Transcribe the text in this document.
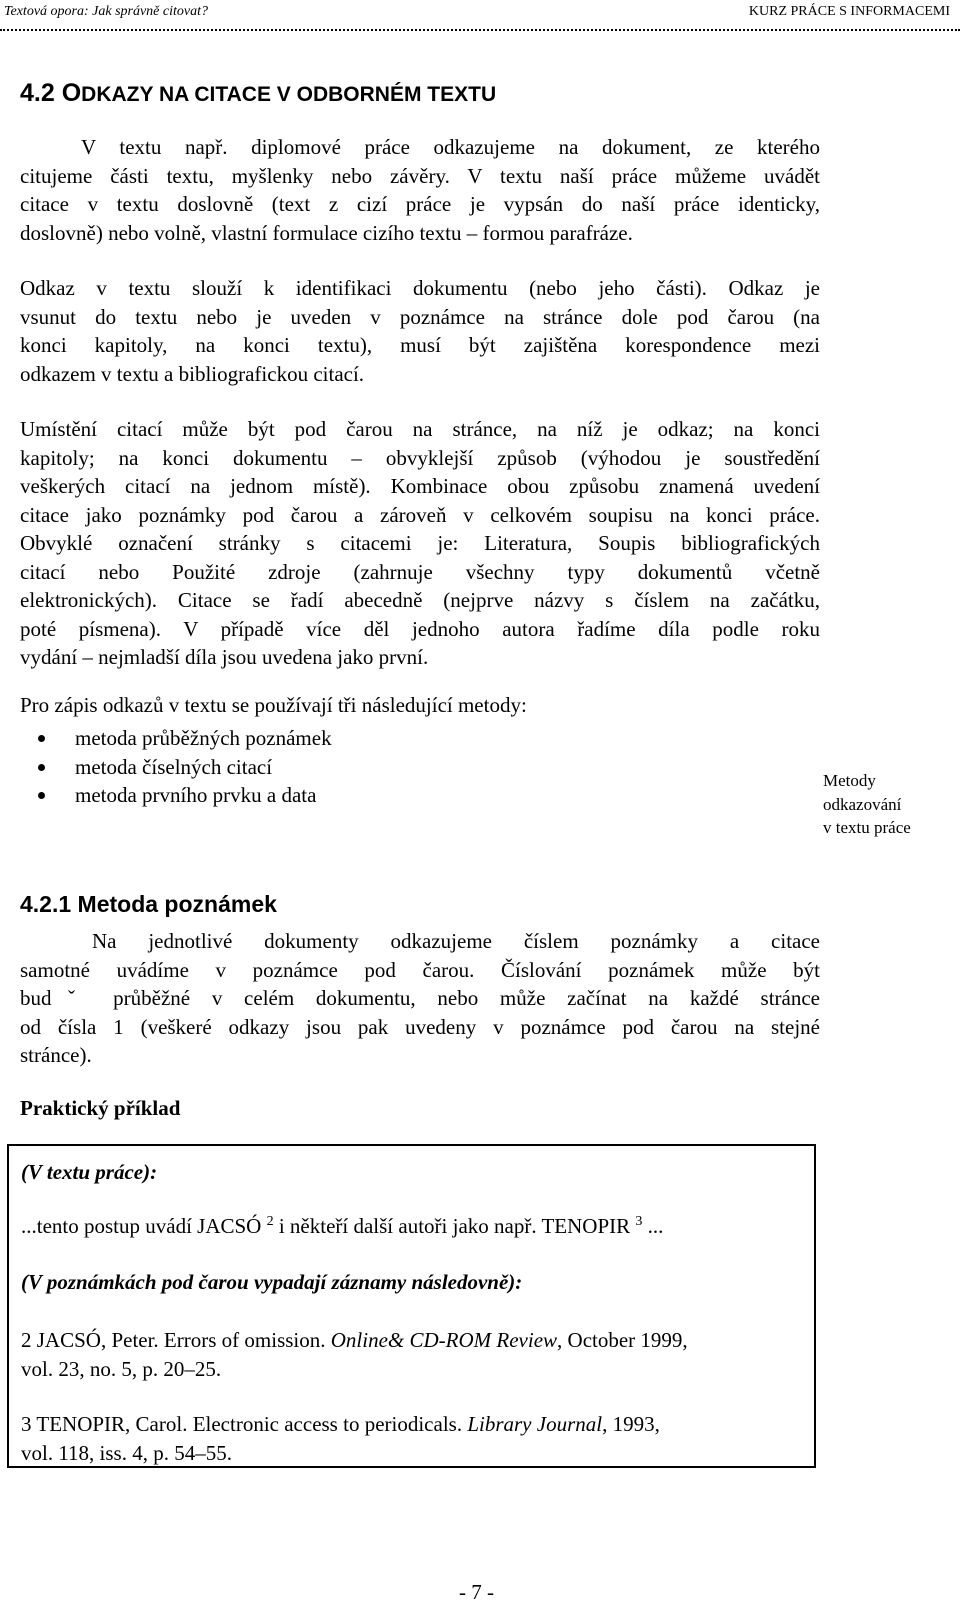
Textová opora: Jak správně citovat?	KURZ PRÁCE S INFORMACEMI
4.2 ODKAZY NA CITACE V ODBORNÉM TEXTU
V textu např. diplomové práce odkazujeme na dokument, ze kterého
citujeme části textu, myšlenky nebo závěry. V textu naší práce můžeme uvádět
citace v textu doslovně (text z cizí práce je vypsán do naší práce identicky,
doslovně) nebo volně, vlastní formulace cizího textu – formou parafráze.
Odkaz v textu slouží k identifikaci dokumentu (nebo jeho části). Odkaz je
vsunut do textu nebo je uveden v poznámce na stránce dole pod čarou (na
konci kapitoly, na konci textu), musí být zajištěna korespondence mezi
odkazem v textu a bibliografickou citací.
Umístění citací může být pod čarou na stránce, na níž je odkaz; na konci
kapitoly; na konci dokumentu – obvyklejší způsob (výhodou je soustředění
veškerých citací na jednom místě). Kombinace obou způsobu znamená uvedení
citace jako poznámky pod čarou a zároveň v celkovém soupisu na konci práce.
Obvyklé označení stránky s citacemi je: Literatura, Soupis bibliografických
citací nebo Použité zdroje (zahrnuje všechny typy dokumentů včetně
elektronických). Citace se řadí abecedně (nejprve názvy s číslem na začátku,
poté písmena). V případě více děl jednoho autora řadíme díla podle roku
vydání – nejmladší díla jsou uvedena jako první.
Pro zápis odkazů v textu se používají tři následující metody:
metoda průběžných poznámek
metoda číselných citací
metoda prvního prvku a data
Metody
odkazování
v textu práce
4.2.1 Metoda poznámek
Na jednotlivé dokumenty odkazujeme číslem poznámky a citace
samotné uvádíme v poznámce pod čarou. Číslování poznámek může být
budˇ průběžné v celém dokumentu, nebo může začínat na každé stránce
od čísla 1 (veškeré odkazy jsou pak uvedeny v poznámce pod čarou na stejné
stránce).
Praktický příklad
(V textu práce):
...tento postup uvádí JACSÓ $^2$ i někteří další autoři jako např. TENOPIR $^3$ ...
(V poznámkách pod čarou vypadají záznamy následovně):
2 JACSÓ, Peter. Errors of omission. Online& CD-ROM Review, October 1999,
vol. 23, no. 5, p. 20–25.
3 TENOPIR, Carol. Electronic access to periodicals. Library Journal, 1993,
vol. 118, iss. 4, p. 54–55.
- 7 -
